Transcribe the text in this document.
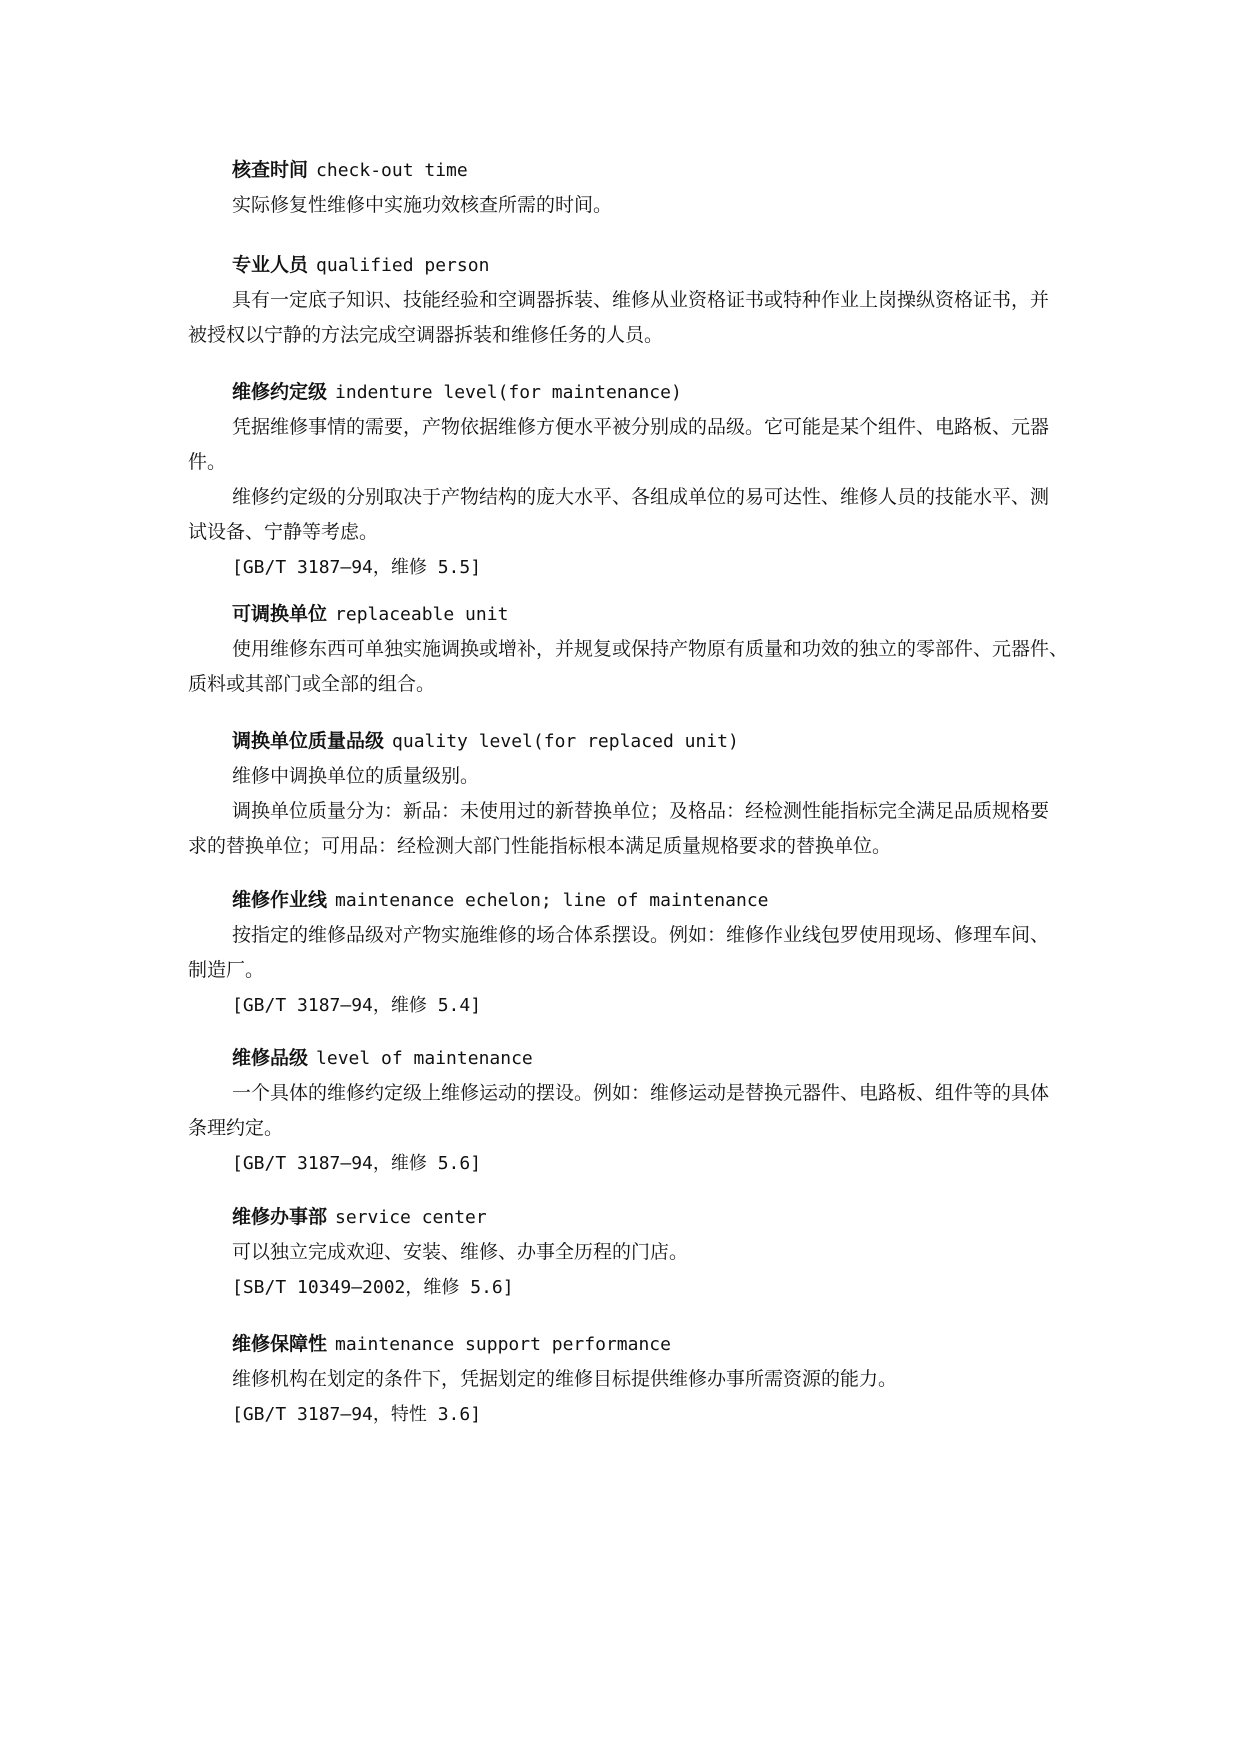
核查时间 check-out time
实际修复性维修中实施功效核查所需的时间。
专业人员 qualified person
具有一定底子知识、技能经验和空调器拆装、维修从业资格证书或特种作业上岗操纵资格证书，并
被授权以宁静的方法完成空调器拆装和维修任务的人员。
维修约定级 indenture level(for maintenance)
凭据维修事情的需要，产物依据维修方便水平被分别成的品级。它可能是某个组件、电路板、元器
件。
维修约定级的分别取决于产物结构的庞大水平、各组成单位的易可达性、维修人员的技能水平、测
试设备、宁静等考虑。
[GB/T 3187—94，维修 5.5]
可调换单位 replaceable unit
使用维修东西可单独实施调换或增补，并规复或保持产物原有质量和功效的独立的零部件、元器件、
质料或其部门或全部的组合。
调换单位质量品级 quality level(for replaced unit)
维修中调换单位的质量级别。
调换单位质量分为：新品：未使用过的新替换单位；及格品：经检测性能指标完全满足品质规格要
求的替换单位；可用品：经检测大部门性能指标根本满足质量规格要求的替换单位。
维修作业线 maintenance echelon; line of maintenance
按指定的维修品级对产物实施维修的场合体系摆设。例如：维修作业线包罗使用现场、修理车间、
制造厂。
[GB/T 3187—94，维修 5.4]
维修品级 level of maintenance
一个具体的维修约定级上维修运动的摆设。例如：维修运动是替换元器件、电路板、组件等的具体
条理约定。
[GB/T 3187—94，维修 5.6]
维修办事部 service center
可以独立完成欢迎、安装、维修、办事全历程的门店。
[SB/T 10349—2002，维修 5.6]
维修保障性 maintenance support performance
维修机构在划定的条件下，凭据划定的维修目标提供维修办事所需资源的能力。
[GB/T 3187—94，特性 3.6]
